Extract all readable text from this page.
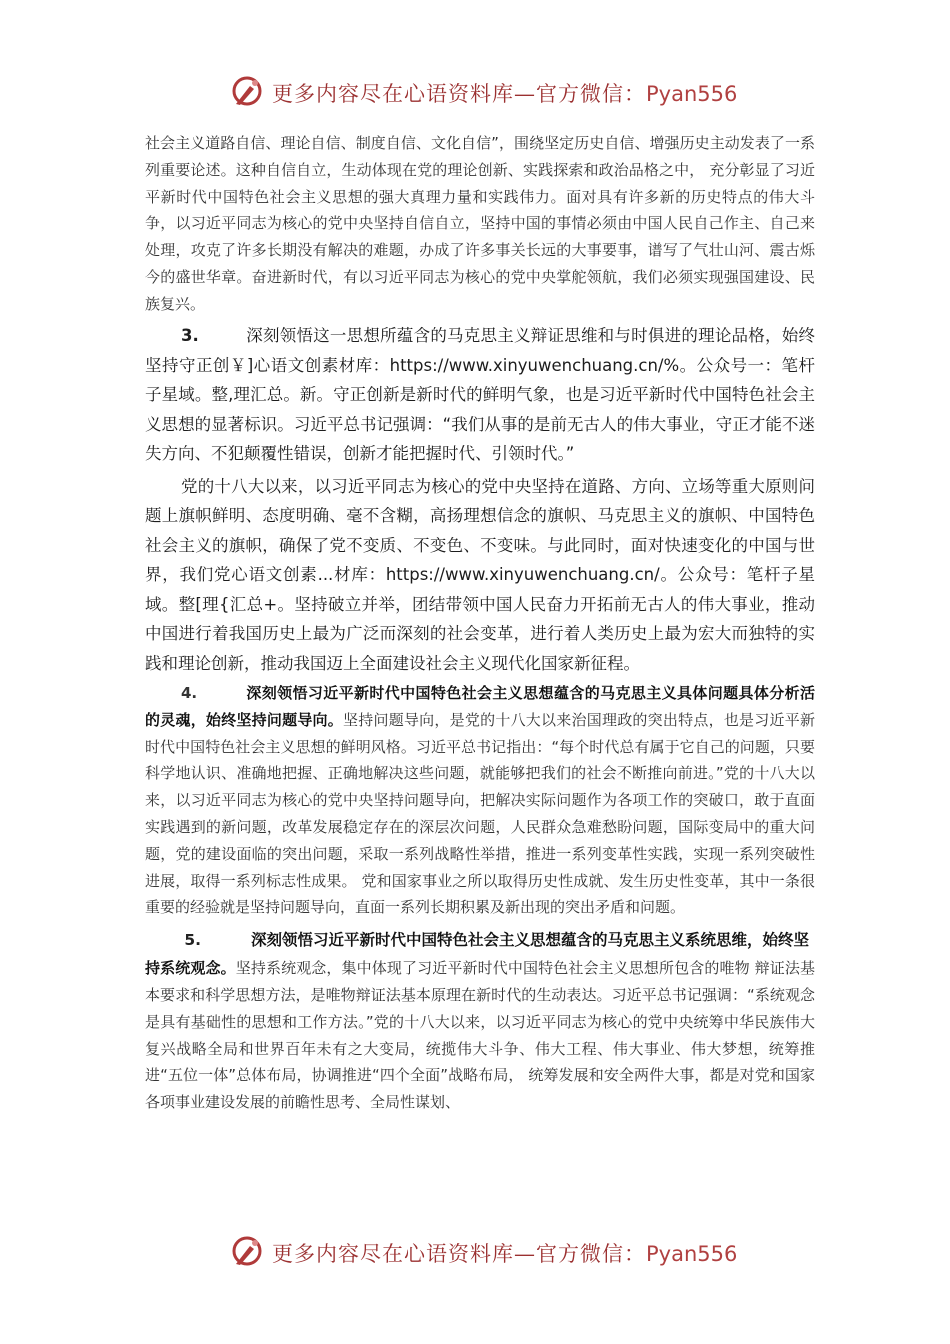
更多内容尽在心语资料库—官方微信：Pyan556

社会主义道路自信、理论自信、制度自信、文化自信”，围绕坚定历史自信、增强历史主动发表了一系列重要论述。这种自信自立，生动体现在党的理论创新、实践探索和政治品格之中， 充分彰显了习近平新时代中国特色社会主义思想的强大真理力量和实践伟力。面对具有许多新的历史特点的伟大斗争，以习近平同志为核心的党中央坚持自信自立，坚持中国的事情必须由中国人民自己作主、自己来处理，攻克了许多长期没有解决的难题，办成了许多事关长远的大事要事，谱写了气壮山河、震古烁今的盛世华章。奋进新时代，有以习近平同志为核心的党中央掌舵领航，我们必须实现强国建设、民族复兴。

3.	深刻领悟这一思想所蕴含的马克思主义辩证思维和与时俱进的理论品格，始终坚持守正创￥]心语文创素材库：https://www.xinyuwenchuang.cn/%。公众号一：笔杆子星域。整,理汇总。新。守正创新是新时代的鲜明气象，也是习近平新时代中国特色社会主义思想的显著标识。习近平总书记强调：“我们从事的是前无古人的伟大事业，守正才能不迷失方向、不犯颠覆性错误，创新才能把握时代、引领时代。”

党的十八大以来，以习近平同志为核心的党中央坚持在道路、方向、立场等重大原则问题上旗帜鲜明、态度明确、毫不含糊，高扬理想信念的旗帜、马克思主义的旗帜、中国特色社会主义的旗帜，确保了党不变质、不变色、不变味。与此同时，面对快速变化的中国与世界，我们党心语文创素...材库：https://www.xinyuwenchuang.cn/。公众号：笔杆子星域。整[理{汇总+。坚持破立并举，团结带领中国人民奋力开拓前无古人的伟大事业，推动中国进行着我国历史上最为广泛而深刻的社会变革，进行着人类历史上最为宏大而独特的实践和理论创新，推动我国迈上全面建设社会主义现代化国家新征程。

4.	深刻领悟习近平新时代中国特色社会主义思想蕴含的马克思主义具体问题具体分析活的灵魂，始终坚持问题导向。坚持问题导向，是党的十八大以来治国理政的突出特点，也是习近平新时代中国特色社会主义思想的鲜明风格。习近平总书记指出：“每个时代总有属于它自己的问题，只要科学地认识、准确地把握、正确地解决这些问题，就能够把我们的社会不断推向前进。”党的十八大以来，以习近平同志为核心的党中央坚持问题导向，把解决实际问题作为各项工作的突破口，敢于直面实践遇到的新问题，改革发展稳定存在的深层次问题，人民群众急难愁盼问题，国际变局中的重大问题，党的建设面临的突出问题，采取一系列战略性举措，推进一系列变革性实践，实现一系列突破性进展，取得一系列标志性成果。 党和国家事业之所以取得历史性成就、发生历史性变革，其中一条很重要的经验就是坚持问题导向，直面一系列长期积累及新出现的突出矛盾和问题。

5.	深刻领悟习近平新时代中国特色社会主义思想蕴含的马克思主义系统思维，始终坚

持系统观念。坚持系统观念，集中体现了习近平新时代中国特色社会主义思想所包含的唯物 辩证法基本要求和科学思想方法，是唯物辩证法基本原理在新时代的生动表达。习近平总书记强调：“系统观念是具有基础性的思想和工作方法。”党的十八大以来，以习近平同志为核心的党中央统筹中华民族伟大复兴战略全局和世界百年未有之大变局，统揽伟大斗争、伟大工程、伟大事业、伟大梦想，统筹推进“五位一体”总体布局，协调推进“四个全面”战略布局， 统筹发展和安全两件大事，都是对党和国家各项事业建设发展的前瞻性思考、全局性谋划、

更多内容尽在心语资料库—官方微信：Pyan556
